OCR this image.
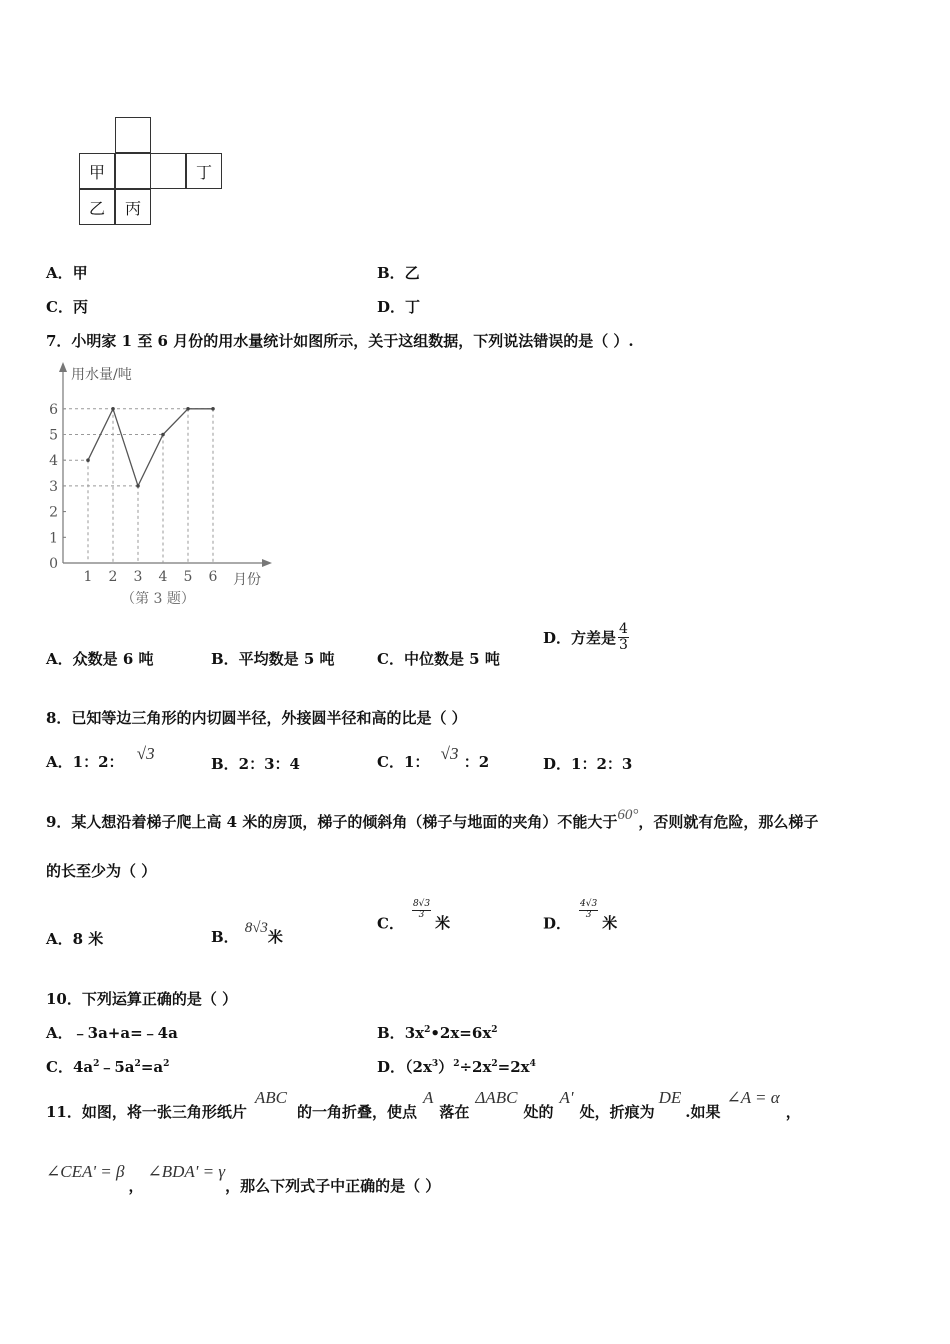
甲	丁
乙 丙
A．甲	B．乙
C．丙	D．丁
7．小明家 1 至 6 月份的用水量统计如图所示，关于这组数据，下列说法错误的是（ ）.
0
1
2
3
4
5
6
1 2 3 4 5 6
用水量/吨
月份
（第 3 题）
A．众数是 6 吨	B．平均数是 5 吨	C．中位数是 5 吨
D．方差是 $\frac{4}{3}$
8．已知等边三角形的内切圆半径，外接圆半径和高的比是（ ）
A．1：2： √3
B．2：3：4	C．1： √3 ：2	D．1：2：3
9．某人想沿着梯子爬上高 4 米的房顶，梯子的倾斜角（梯子与地面的夹角）不能大于60°，否则就有危险，那么梯子
的长至少为（ ）
A．8 米	B． 8√3米
C．
$\frac{8√3}{3}$
米	D．
$\frac{4√3}{3}$
米
10．下列运算正确的是（ ）
A．﹣3a+a=﹣4a	B．$3x^2•2x=6x^2$
C．$4a^2﹣5a^2=a^2$	D．$(2x^3)^2\div 2x^2=2x^4$
11．如图，将一张三角形纸片ABC的一角折叠，使点A落在ΔABC处的A'处，折痕为DE.如果∠A = α，
∠CEA' = β，∠BDA' = γ，那么下列式子中正确的是（ ）
